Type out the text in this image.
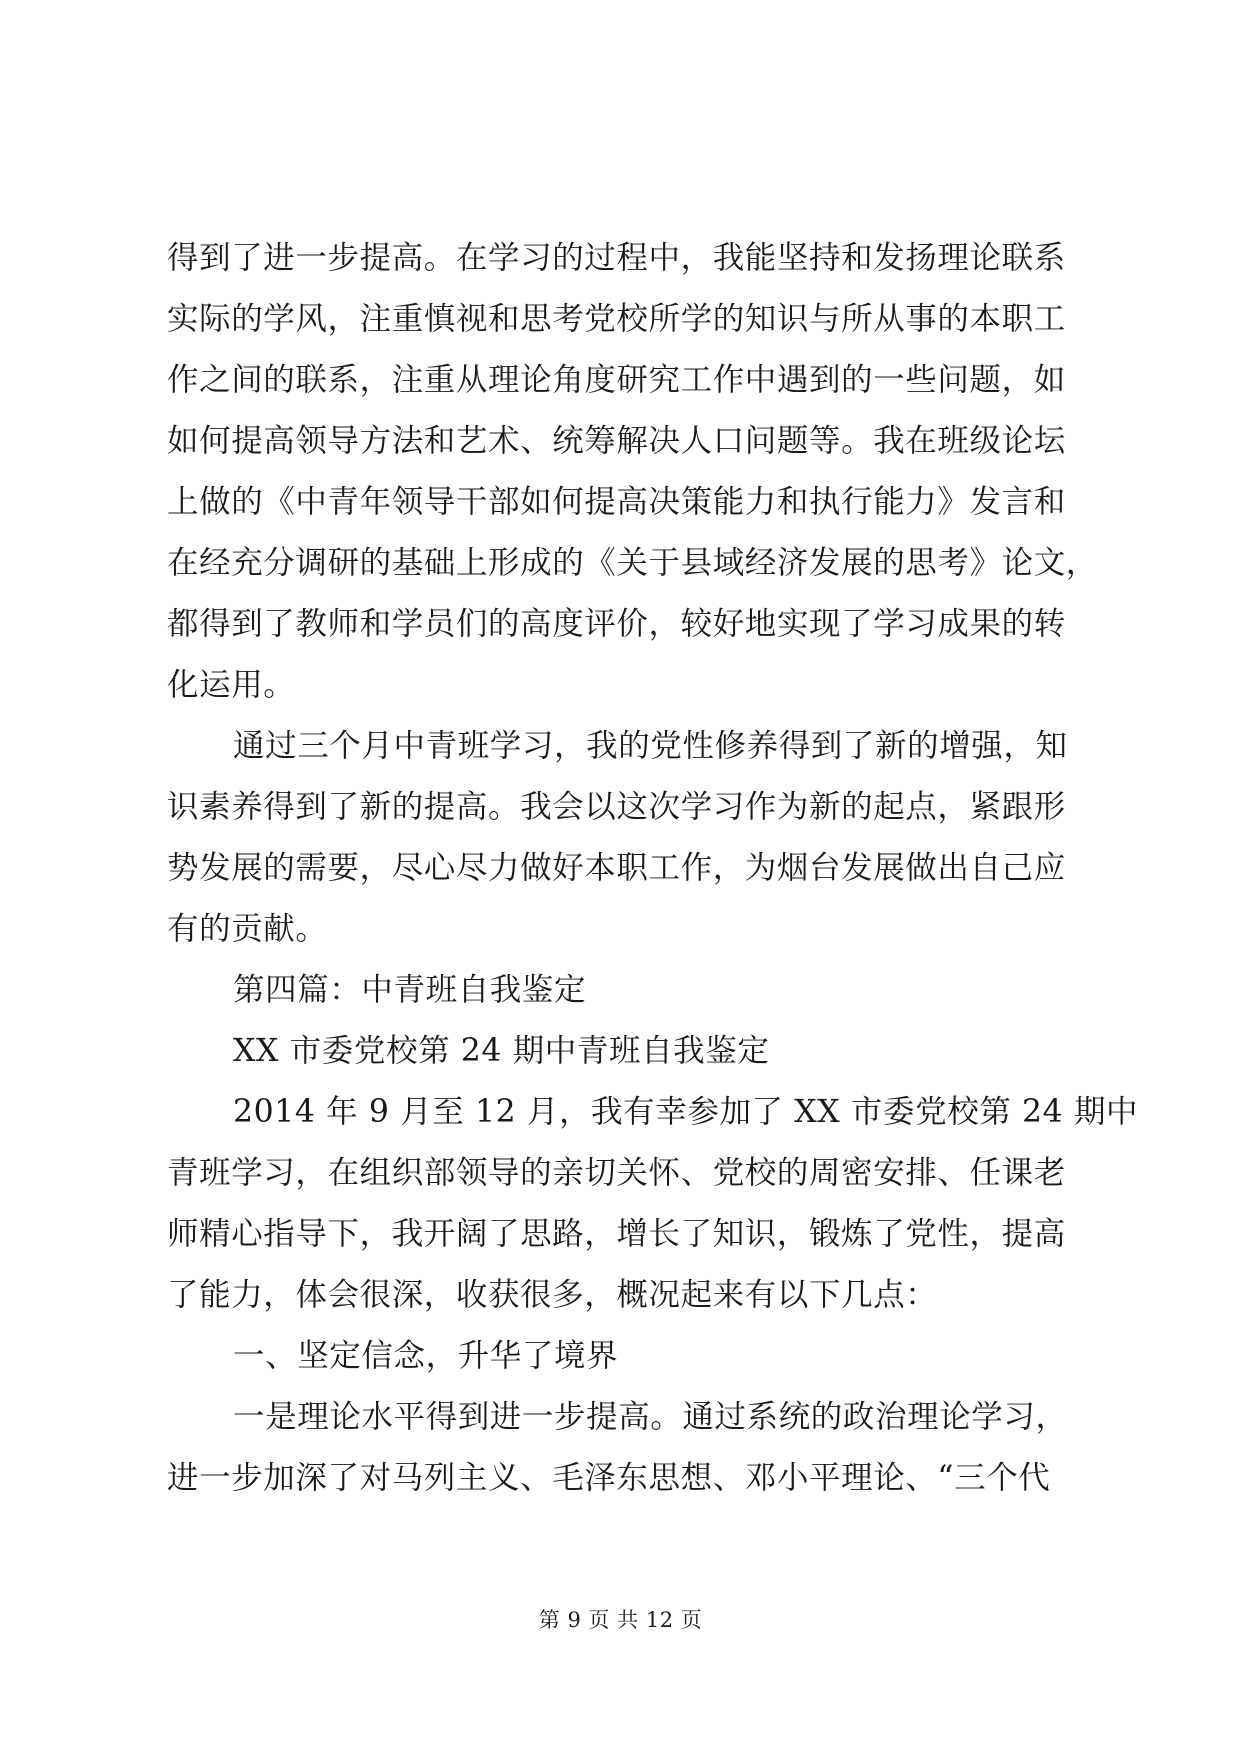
得到了进一步提高。在学习的过程中，我能坚持和发扬理论联系
实际的学风，注重慎视和思考党校所学的知识与所从事的本职工
作之间的联系，注重从理论角度研究工作中遇到的一些问题，如
如何提高领导方法和艺术、统筹解决人口问题等。我在班级论坛
上做的《中青年领导干部如何提高决策能力和执行能力》发言和
在经充分调研的基础上形成的《关于县域经济发展的思考》论文，
都得到了教师和学员们的高度评价，较好地实现了学习成果的转
化运用。
通过三个月中青班学习，我的党性修养得到了新的增强，知
识素养得到了新的提高。我会以这次学习作为新的起点，紧跟形
势发展的需要，尽心尽力做好本职工作，为烟台发展做出自己应
有的贡献。
第四篇：中青班自我鉴定
XX 市委党校第 24 期中青班自我鉴定
2014 年 9 月至 12 月，我有幸参加了 XX 市委党校第 24 期中
青班学习，在组织部领导的亲切关怀、党校的周密安排、任课老
师精心指导下，我开阔了思路，增长了知识，锻炼了党性，提高
了能力，体会很深，收获很多，概况起来有以下几点：
一、坚定信念，升华了境界
一是理论水平得到进一步提高。通过系统的政治理论学习，
进一步加深了对马列主义、毛泽东思想、邓小平理论、“三个代
第 9 页 共 12 页
